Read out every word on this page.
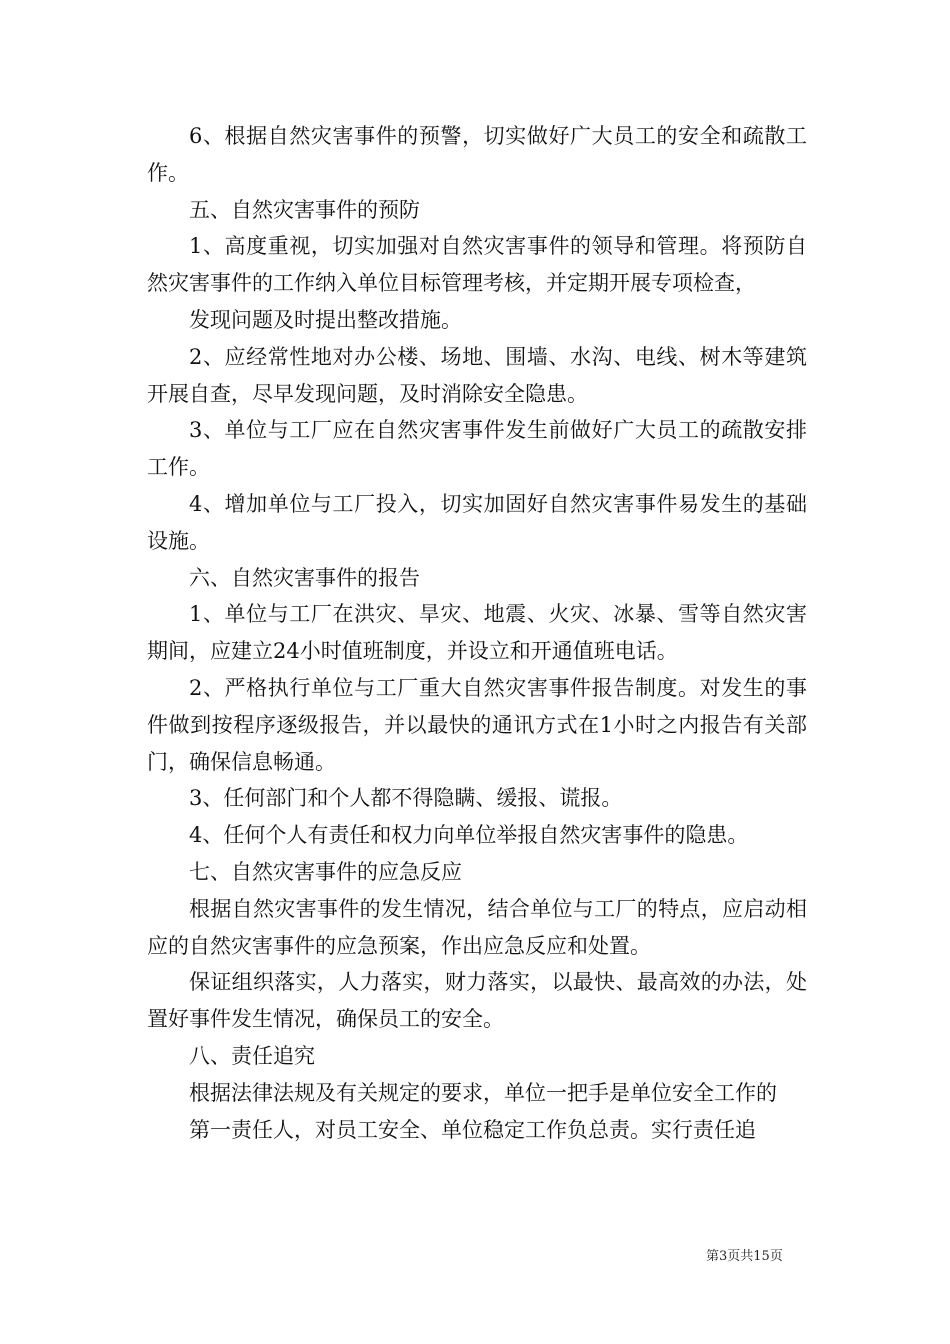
6、根据自然灾害事件的预警，切实做好广大员工的安全和疏散工作。

五、自然灾害事件的预防

1、高度重视，切实加强对自然灾害事件的领导和管理。将预防自然灾害事件的工作纳入单位目标管理考核，并定期开展专项检查，

发现问题及时提出整改措施。

2、应经常性地对办公楼、场地、围墙、水沟、电线、树木等建筑开展自查，尽早发现问题，及时消除安全隐患。

3、单位与工厂应在自然灾害事件发生前做好广大员工的疏散安排工作。

4、增加单位与工厂投入，切实加固好自然灾害事件易发生的基础设施。

六、自然灾害事件的报告

1、单位与工厂在洪灾、旱灾、地震、火灾、冰暴、雪等自然灾害期间，应建立24小时值班制度，并设立和开通值班电话。

2、严格执行单位与工厂重大自然灾害事件报告制度。对发生的事件做到按程序逐级报告，并以最快的通讯方式在1小时之内报告有关部门，确保信息畅通。

3、任何部门和个人都不得隐瞒、缓报、谎报。

4、任何个人有责任和权力向单位举报自然灾害事件的隐患。

七、自然灾害事件的应急反应

根据自然灾害事件的发生情况，结合单位与工厂的特点，应启动相应的自然灾害事件的应急预案，作出应急反应和处置。

保证组织落实，人力落实，财力落实，以最快、最高效的办法，处置好事件发生情况，确保员工的安全。

八、责任追究

根据法律法规及有关规定的要求，单位一把手是单位安全工作的

第一责任人，对员工安全、单位稳定工作负总责。实行责任追

第3页共15页
